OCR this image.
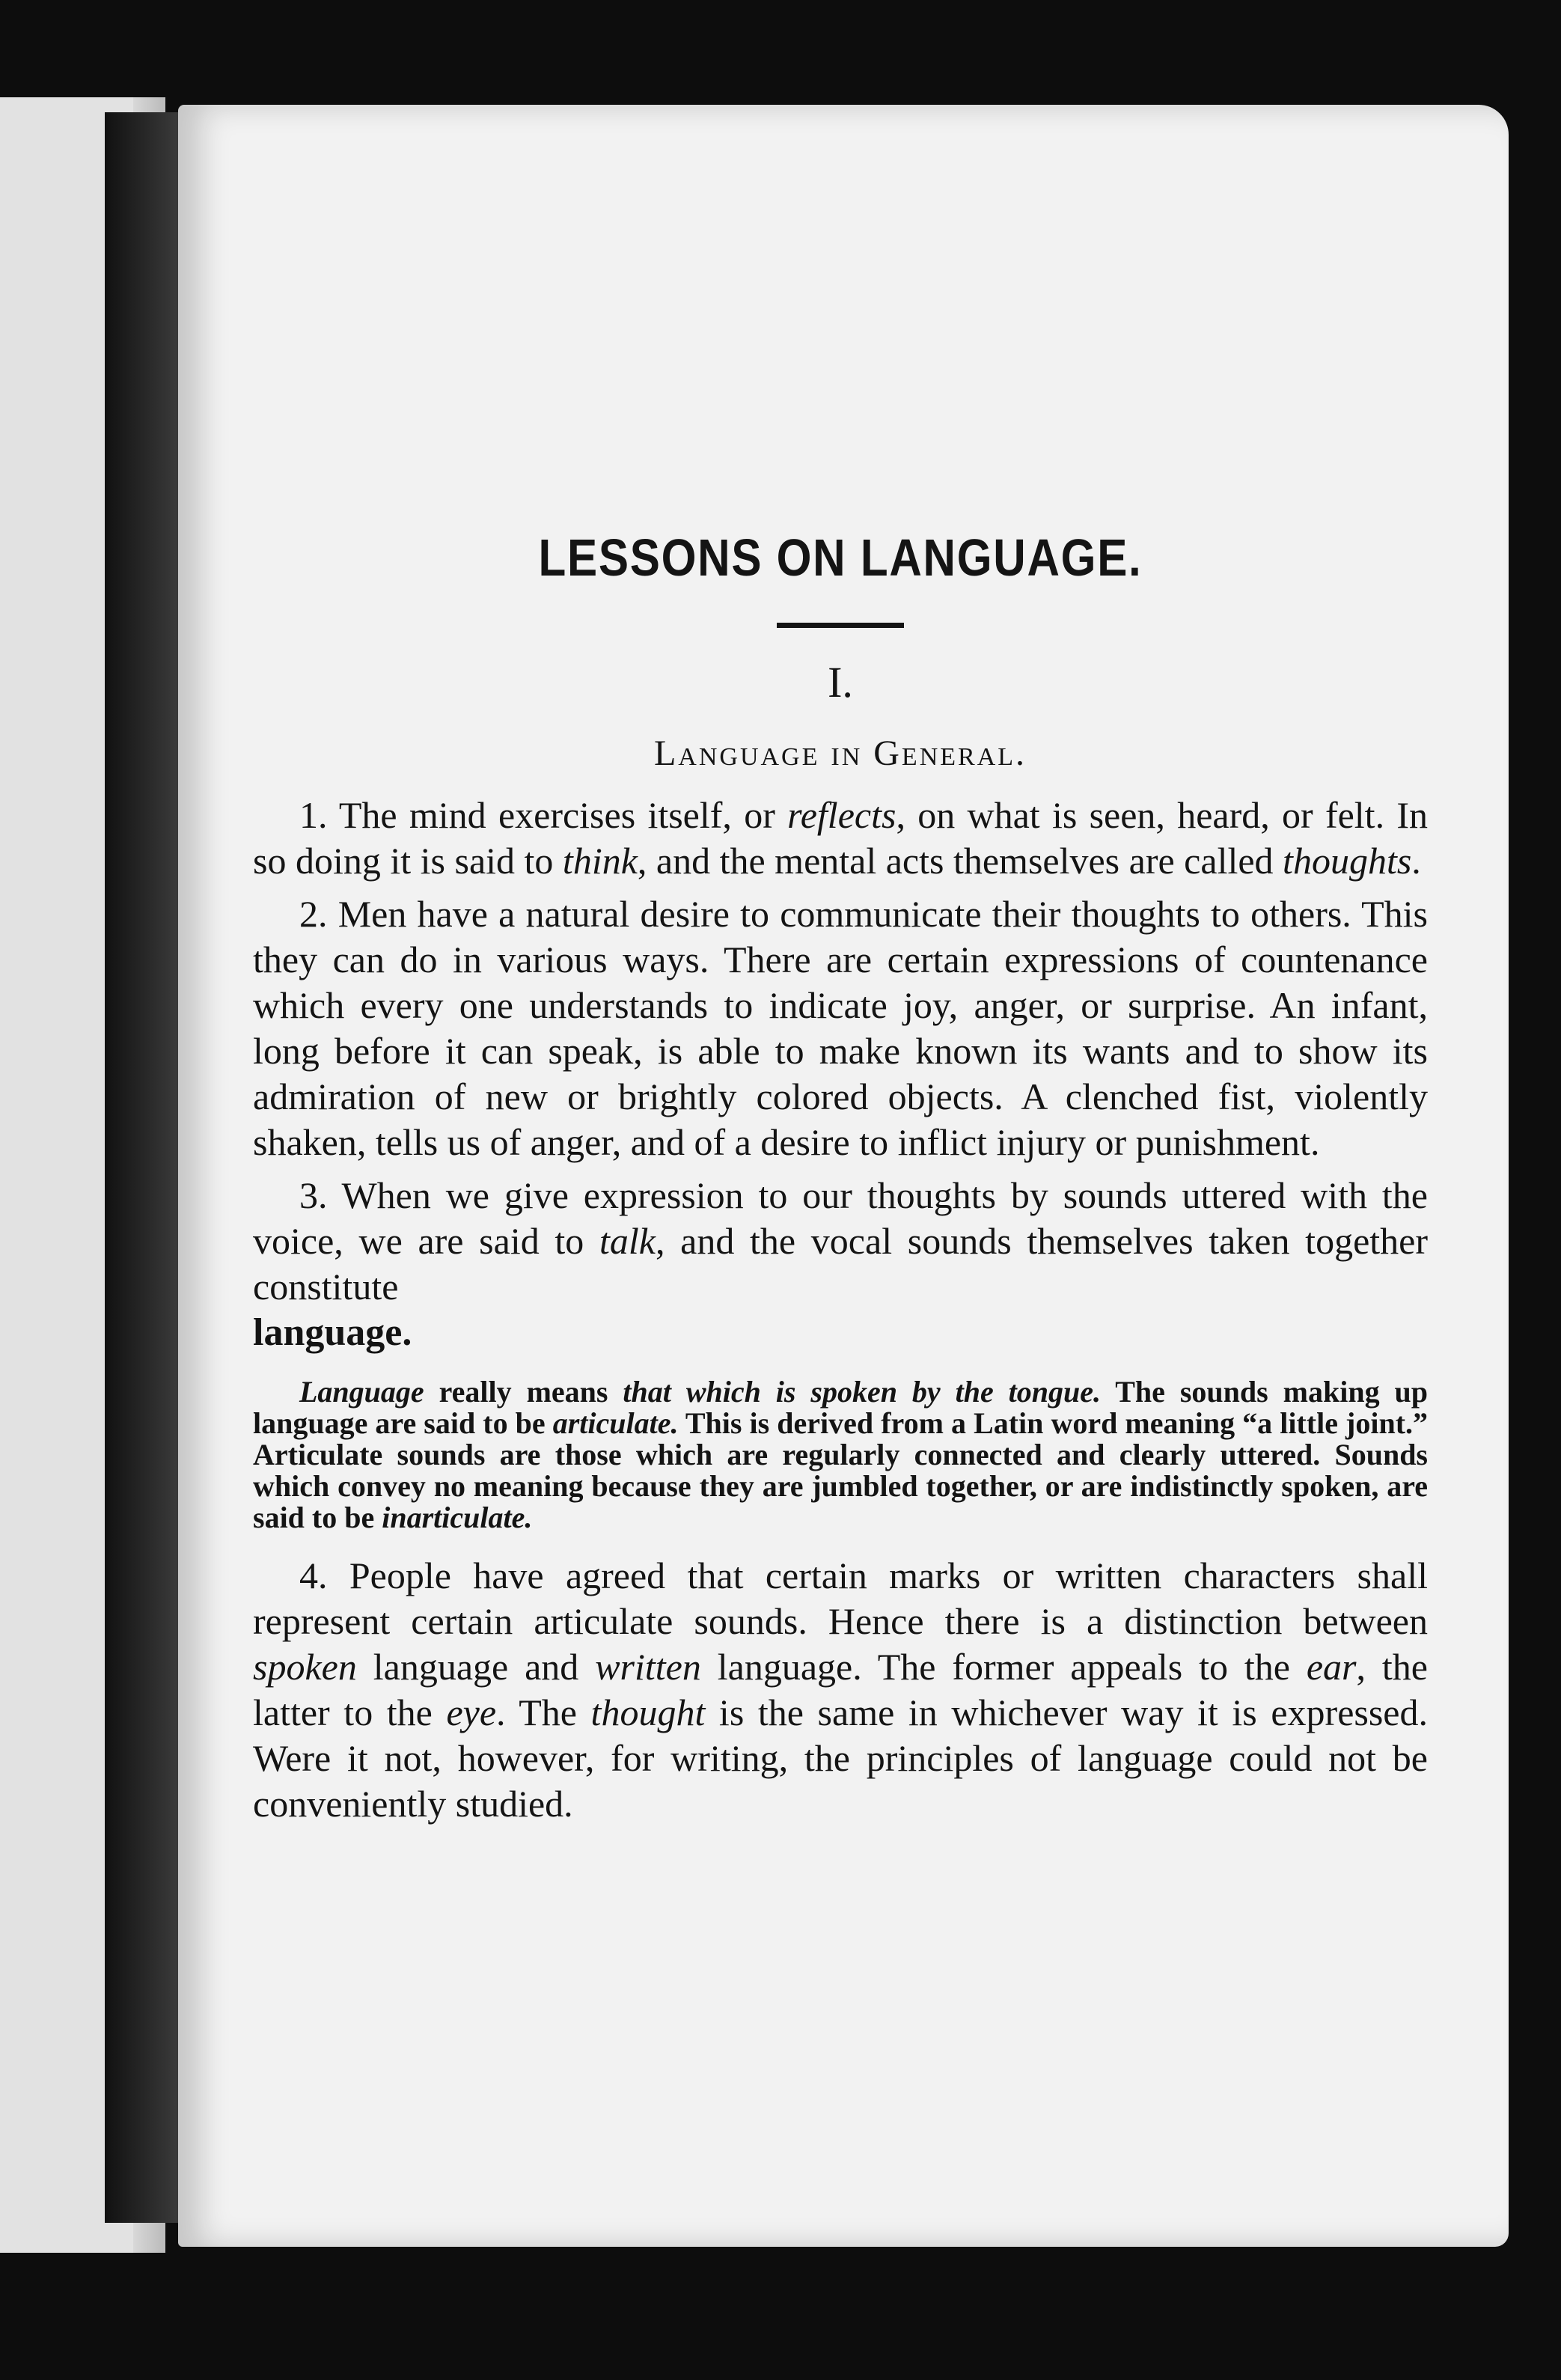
LESSONS ON LANGUAGE.
I.
Language in General.

1. The mind exercises itself, or reflects, on what is seen, heard, or felt. In so doing it is said to think, and the mental acts themselves are called thoughts.

2. Men have a natural desire to communicate their thoughts to others. This they can do in various ways. There are certain expressions of countenance which every one understands to indicate joy, anger, or surprise. An infant, long before it can speak, is able to make known its wants and to show its admiration of new or brightly colored objects. A clenched fist, violently shaken, tells us of anger, and of a desire to inflict injury or punishment.

3. When we give expression to our thoughts by sounds uttered with the voice, we are said to talk, and the vocal sounds themselves taken together constitute
language.

Language really means that which is spoken by the tongue. The sounds making up language are said to be articulate. This is derived from a Latin word meaning “a little joint.” Articulate sounds are those which are regularly connected and clearly uttered. Sounds which convey no meaning because they are jumbled together, or are indistinctly spoken, are said to be inarticulate.

4. People have agreed that certain marks or written characters shall represent certain articulate sounds. Hence there is a distinction between spoken language and written language. The former appeals to the ear, the latter to the eye. The thought is the same in whichever way it is expressed. Were it not, however, for writing, the principles of language could not be conveniently studied.
